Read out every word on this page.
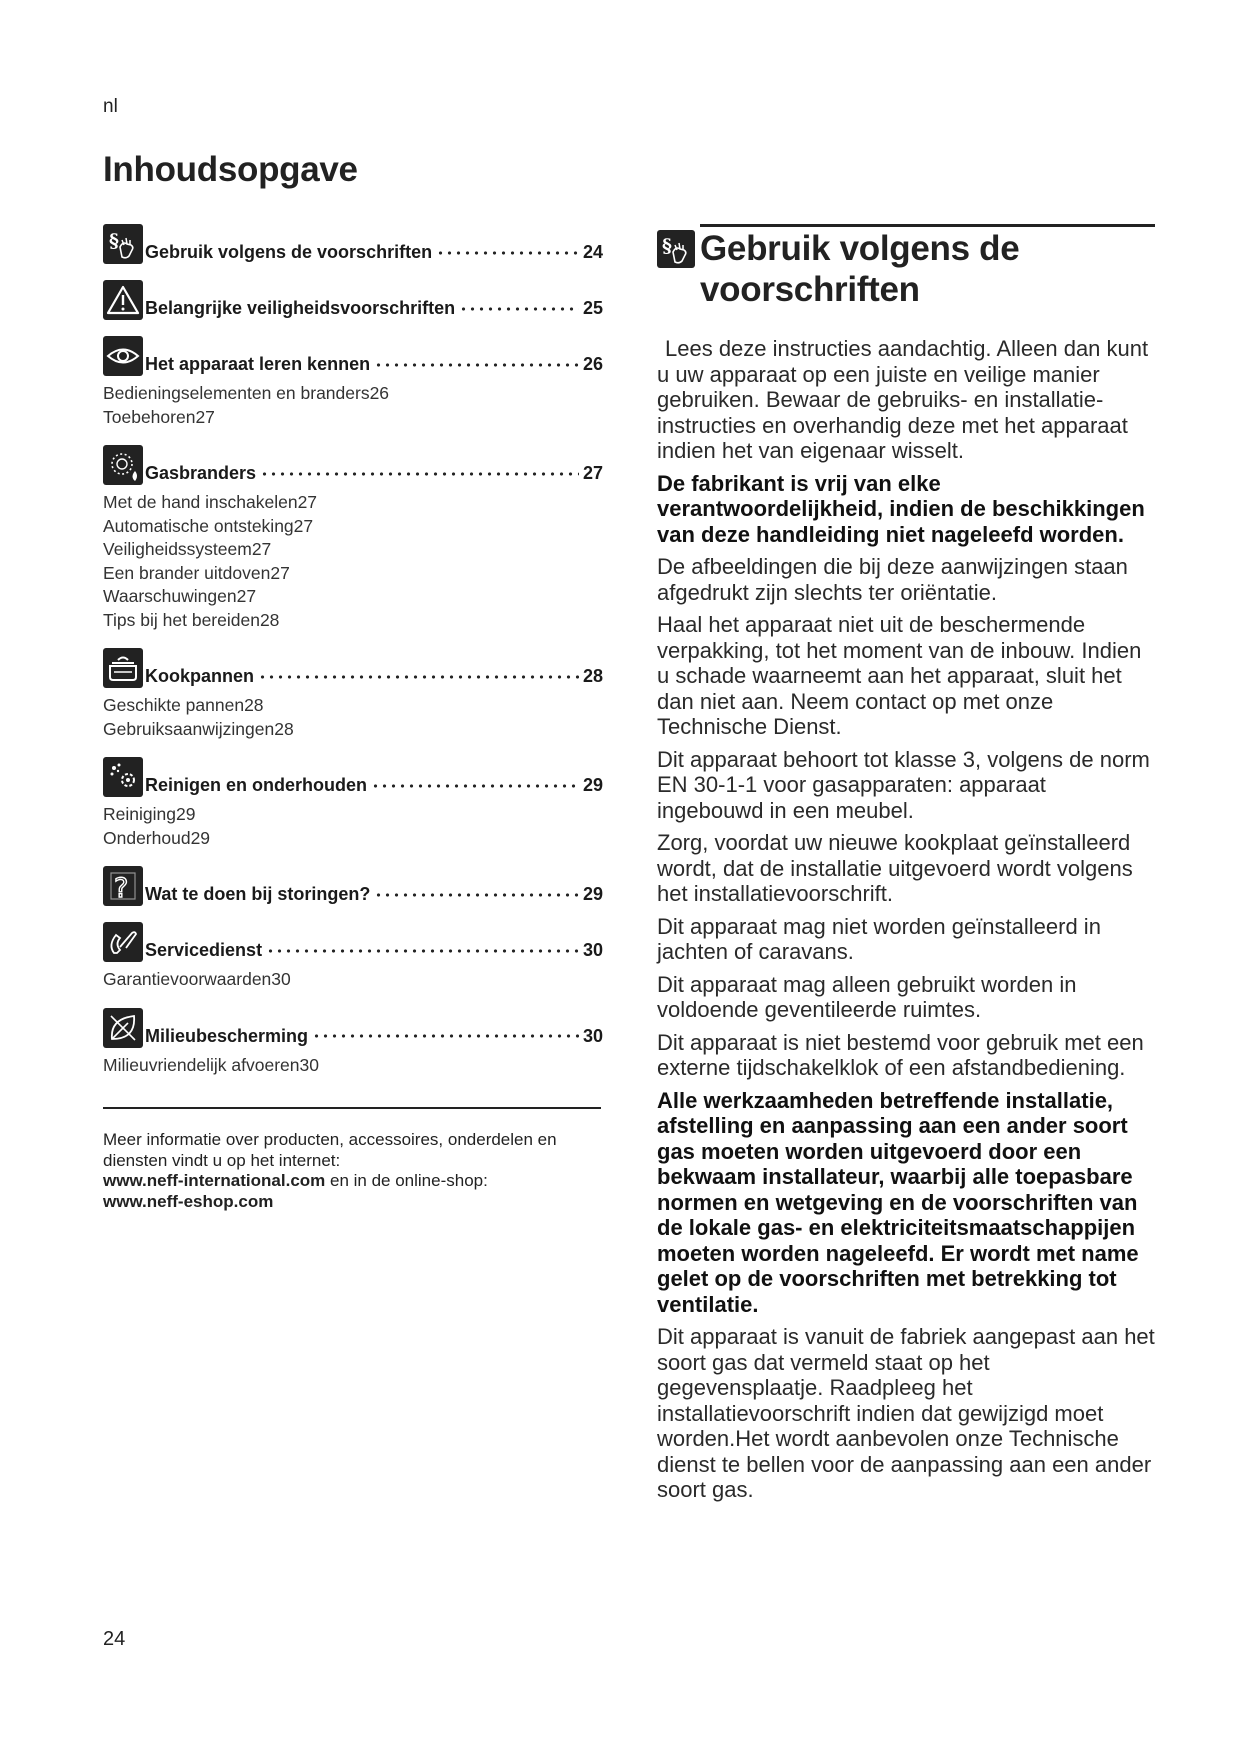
nl
Inhoudsopgave
§ Gebruik volgens de voorschriften	24
Belangrijke veiligheidsvoorschriften	25
Het apparaat leren kennen	26
Bedieningselementen en branders 26
Toebehoren 27
Gasbranders	27
Met de hand inschakelen 27
Automatische ontsteking 27
Veiligheidssysteem 27
Een brander uitdoven 27
Waarschuwingen 27
Tips bij het bereiden 28
Kookpannen	28
Geschikte pannen 28
Gebruiksaanwijzingen 28
Reinigen en onderhouden	29
Reiniging 29
Onderhoud 29
? Wat te doen bij storingen?	29
Servicedienst	30
Garantievoorwaarden 30
Milieubescherming	30
Milieuvriendelijk afvoeren 30
Meer informatie over producten, accessoires, onderdelen en diensten vindt u op het internet:
www.neff-international.com en in de online-shop:
www.neff-eshop.com
§ Gebruik volgens de voorschriften

Lees deze instructies aandachtig. Alleen dan kunt u uw apparaat op een juiste en veilige manier gebruiken. Bewaar de gebruiks- en installatie-instructies en overhandig deze met het apparaat indien het van eigenaar wisselt.

De fabrikant is vrij van elke verantwoordelijkheid, indien de beschikkingen van deze handleiding niet nageleefd worden.

De afbeeldingen die bij deze aanwijzingen staan afgedrukt zijn slechts ter oriëntatie.

Haal het apparaat niet uit de beschermende verpakking, tot het moment van de inbouw. Indien u schade waarneemt aan het apparaat, sluit het dan niet aan. Neem contact op met onze Technische Dienst.

Dit apparaat behoort tot klasse 3, volgens de norm EN 30-1-1 voor gasapparaten: apparaat ingebouwd in een meubel.

Zorg, voordat uw nieuwe kookplaat geïnstalleerd wordt, dat de installatie uitgevoerd wordt volgens het installatievoorschrift.

Dit apparaat mag niet worden geïnstalleerd in jachten of caravans.

Dit apparaat mag alleen gebruikt worden in voldoende geventileerde ruimtes.

Dit apparaat is niet bestemd voor gebruik met een externe tijdschakelklok of een afstandbediening.

Alle werkzaamheden betreffende installatie, afstelling en aanpassing aan een ander soort gas moeten worden uitgevoerd door een bekwaam installateur, waarbij alle toepasbare normen en wetgeving en de voorschriften van de lokale gas- en elektriciteitsmaatschappijen moeten worden nageleefd. Er wordt met name gelet op de voorschriften met betrekking tot ventilatie.

Dit apparaat is vanuit de fabriek aangepast aan het soort gas dat vermeld staat op het gegevensplaatje. Raadpleeg het installatievoorschrift indien dat gewijzigd moet worden.Het wordt aanbevolen onze Technische dienst te bellen voor de aanpassing aan een ander soort gas.

24
